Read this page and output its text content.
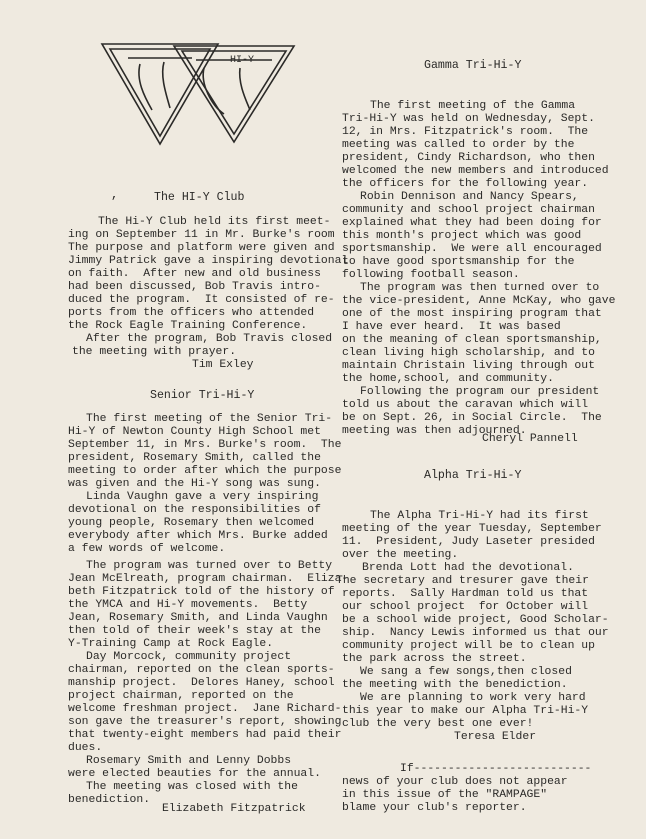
HI-Y
,	The HI-Y Club
The Hi-Y Club held its first meet-
ing on September 11 in Mr. Burke's room
The purpose and platform were given and
Jimmy Patrick gave a inspiring devotional
on faith.  After new and old business
had been discussed, Bob Travis intro-
duced the program.  It consisted of re-
ports from the officers who attended
the Rock Eagle Training Conference.
After the program, Bob Travis closed
the meeting with prayer.
Tim Exley
Senior Tri-Hi-Y
The first meeting of the Senior Tri-
Hi-Y of Newton County High School met
September 11, in Mrs. Burke's room.  The
president, Rosemary Smith, called the
meeting to order after which the purpose
was given and the Hi-Y song was sung.
Linda Vaughn gave a very inspiring
devotional on the responsibilities of
young people, Rosemary then welcomed
everybody after which Mrs. Burke added
a few words of welcome.
The program was turned over to Betty
Jean McElreath, program chairman.  Eliza-
beth Fitzpatrick told of the history of
the YMCA and Hi-Y movements.  Betty
Jean, Rosemary Smith, and Linda Vaughn
then told of their week's stay at the
Y-Training Camp at Rock Eagle.
Day Morcock, community project
chairman, reported on the clean sports-
manship project.  Delores Haney, school
project chairman, reported on the
welcome freshman project.  Jane Richard-
son gave the treasurer's report, showing
that twenty-eight members had paid their
dues.
Rosemary Smith and Lenny Dobbs
were elected beauties for the annual.
The meeting was closed with the
benediction.
Elizabeth Fitzpatrick
Gamma Tri-Hi-Y
The first meeting of the Gamma
Tri-Hi-Y was held on Wednesday, Sept.
12, in Mrs. Fitzpatrick's room.  The
meeting was called to order by the
president, Cindy Richardson, who then
welcomed the new members and introduced
the officers for the following year.
Robin Dennison and Nancy Spears,
community and school project chairman
explained what they had been doing for
this month's project which was good
sportsmanship.  We were all encouraged
to have good sportsmanship for the
following football season.
The program was then turned over to
the vice-president, Anne McKay, who gave
one of the most inspiring program that
I have ever heard.  It was based
on the meaning of clean sportsmanship,
clean living high scholarship, and to
maintain Christain living through out
the home,school, and community.
Following the program our president
told us about the caravan which will
be on Sept. 26, in Social Circle.  The
meeting was then adjourned.
Cheryl Pannell
Alpha Tri-Hi-Y
The Alpha Tri-Hi-Y had its first
meeting of the year Tuesday, September
11.  President, Judy Laseter presided
over the meeting.
Brenda Lott had the devotional.
The secretary and tresurer gave their
reports.  Sally Hardman told us that
our school project  for October will
be a school wide project, Good Scholar-
ship.  Nancy Lewis informed us that our
community project will be to clean up
the park across the street.
We sang a few songs,then closed
the meeting with the benediction.
We are planning to work very hard
this year to make our Alpha Tri-Hi-Y
club the very best one ever!
Teresa Elder
If--------------------------
news of your club does not appear
in this issue of the "RAMPAGE"
blame your club's reporter.
